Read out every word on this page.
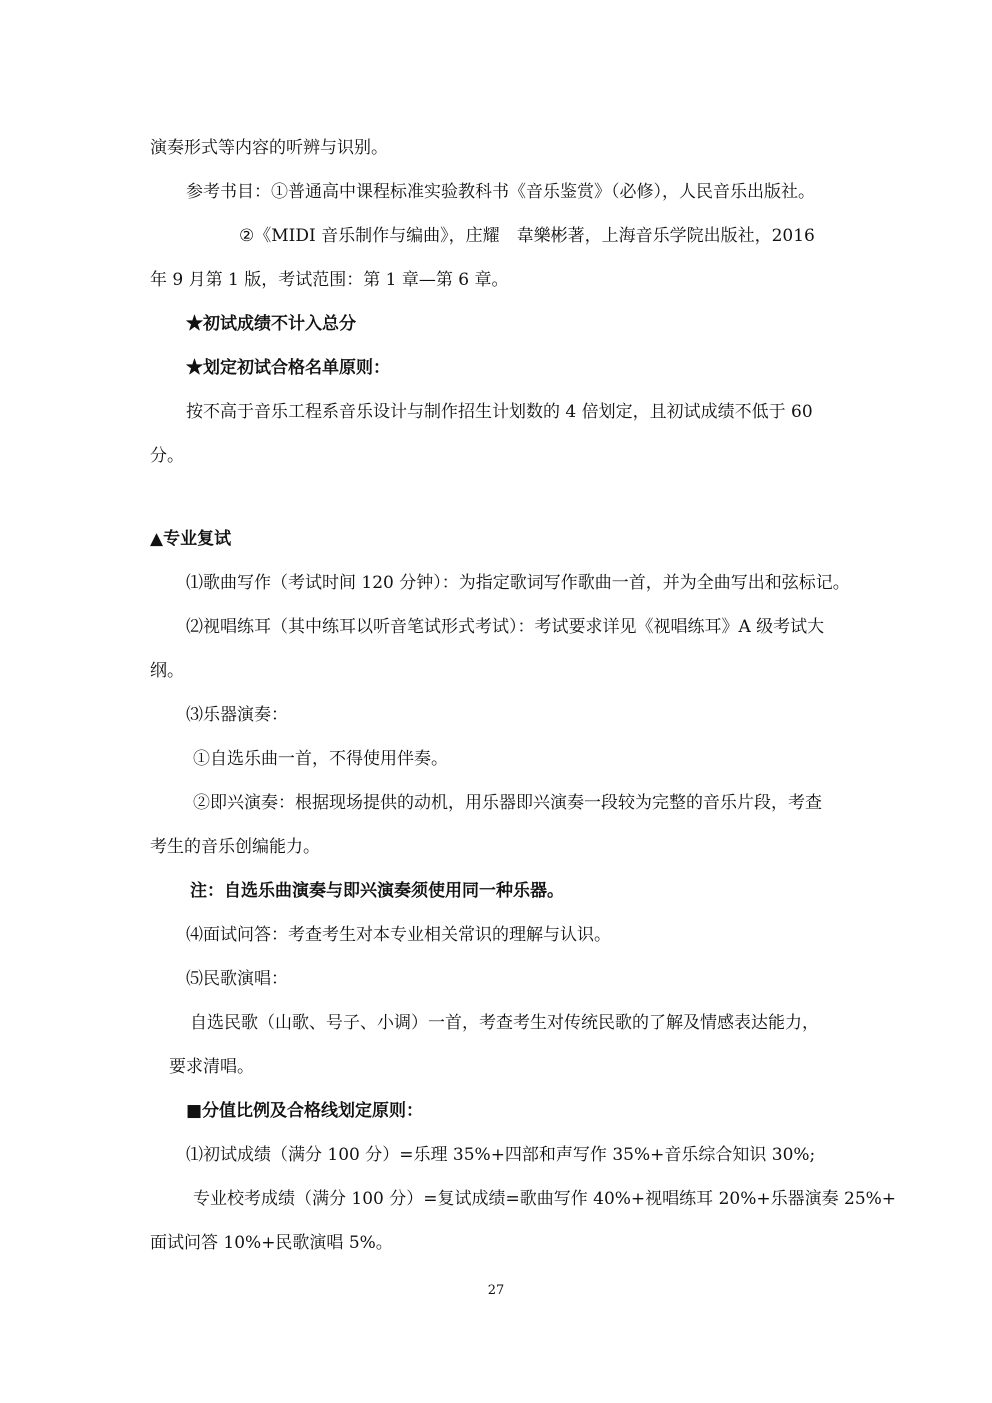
演奏形式等内容的听辨与识别。
参考书目：①普通高中课程标准实验教科书《音乐鉴赏》（必修），人民音乐出版社。
②《MIDI 音乐制作与编曲》，庄耀　韋樂彬著，上海音乐学院出版社，2016
年 9 月第 1 版，考试范围：第 1 章—第 6 章。
★初试成绩不计入总分
★划定初试合格名单原则：
按不高于音乐工程系音乐设计与制作招生计划数的 4 倍划定，且初试成绩不低于 60
分。
▲专业复试
⑴歌曲写作（考试时间 120 分钟）：为指定歌词写作歌曲一首，并为全曲写出和弦标记。
⑵视唱练耳（其中练耳以听音笔试形式考试）：考试要求详见《视唱练耳》A 级考试大
纲。
⑶乐器演奏：
①自选乐曲一首，不得使用伴奏。
②即兴演奏：根据现场提供的动机，用乐器即兴演奏一段较为完整的音乐片段，考查
考生的音乐创编能力。
注：自选乐曲演奏与即兴演奏须使用同一种乐器。
⑷面试问答：考查考生对本专业相关常识的理解与认识。
⑸民歌演唱：
自选民歌（山歌、号子、小调）一首，考查考生对传统民歌的了解及情感表达能力，
要求清唱。
■分值比例及合格线划定原则：
⑴初试成绩（满分 100 分）=乐理 35%+四部和声写作 35%+音乐综合知识 30%;
专业校考成绩（满分 100 分）=复试成绩=歌曲写作 40%+视唱练耳 20%+乐器演奏 25%+
面试问答 10%+民歌演唱 5%。
27
